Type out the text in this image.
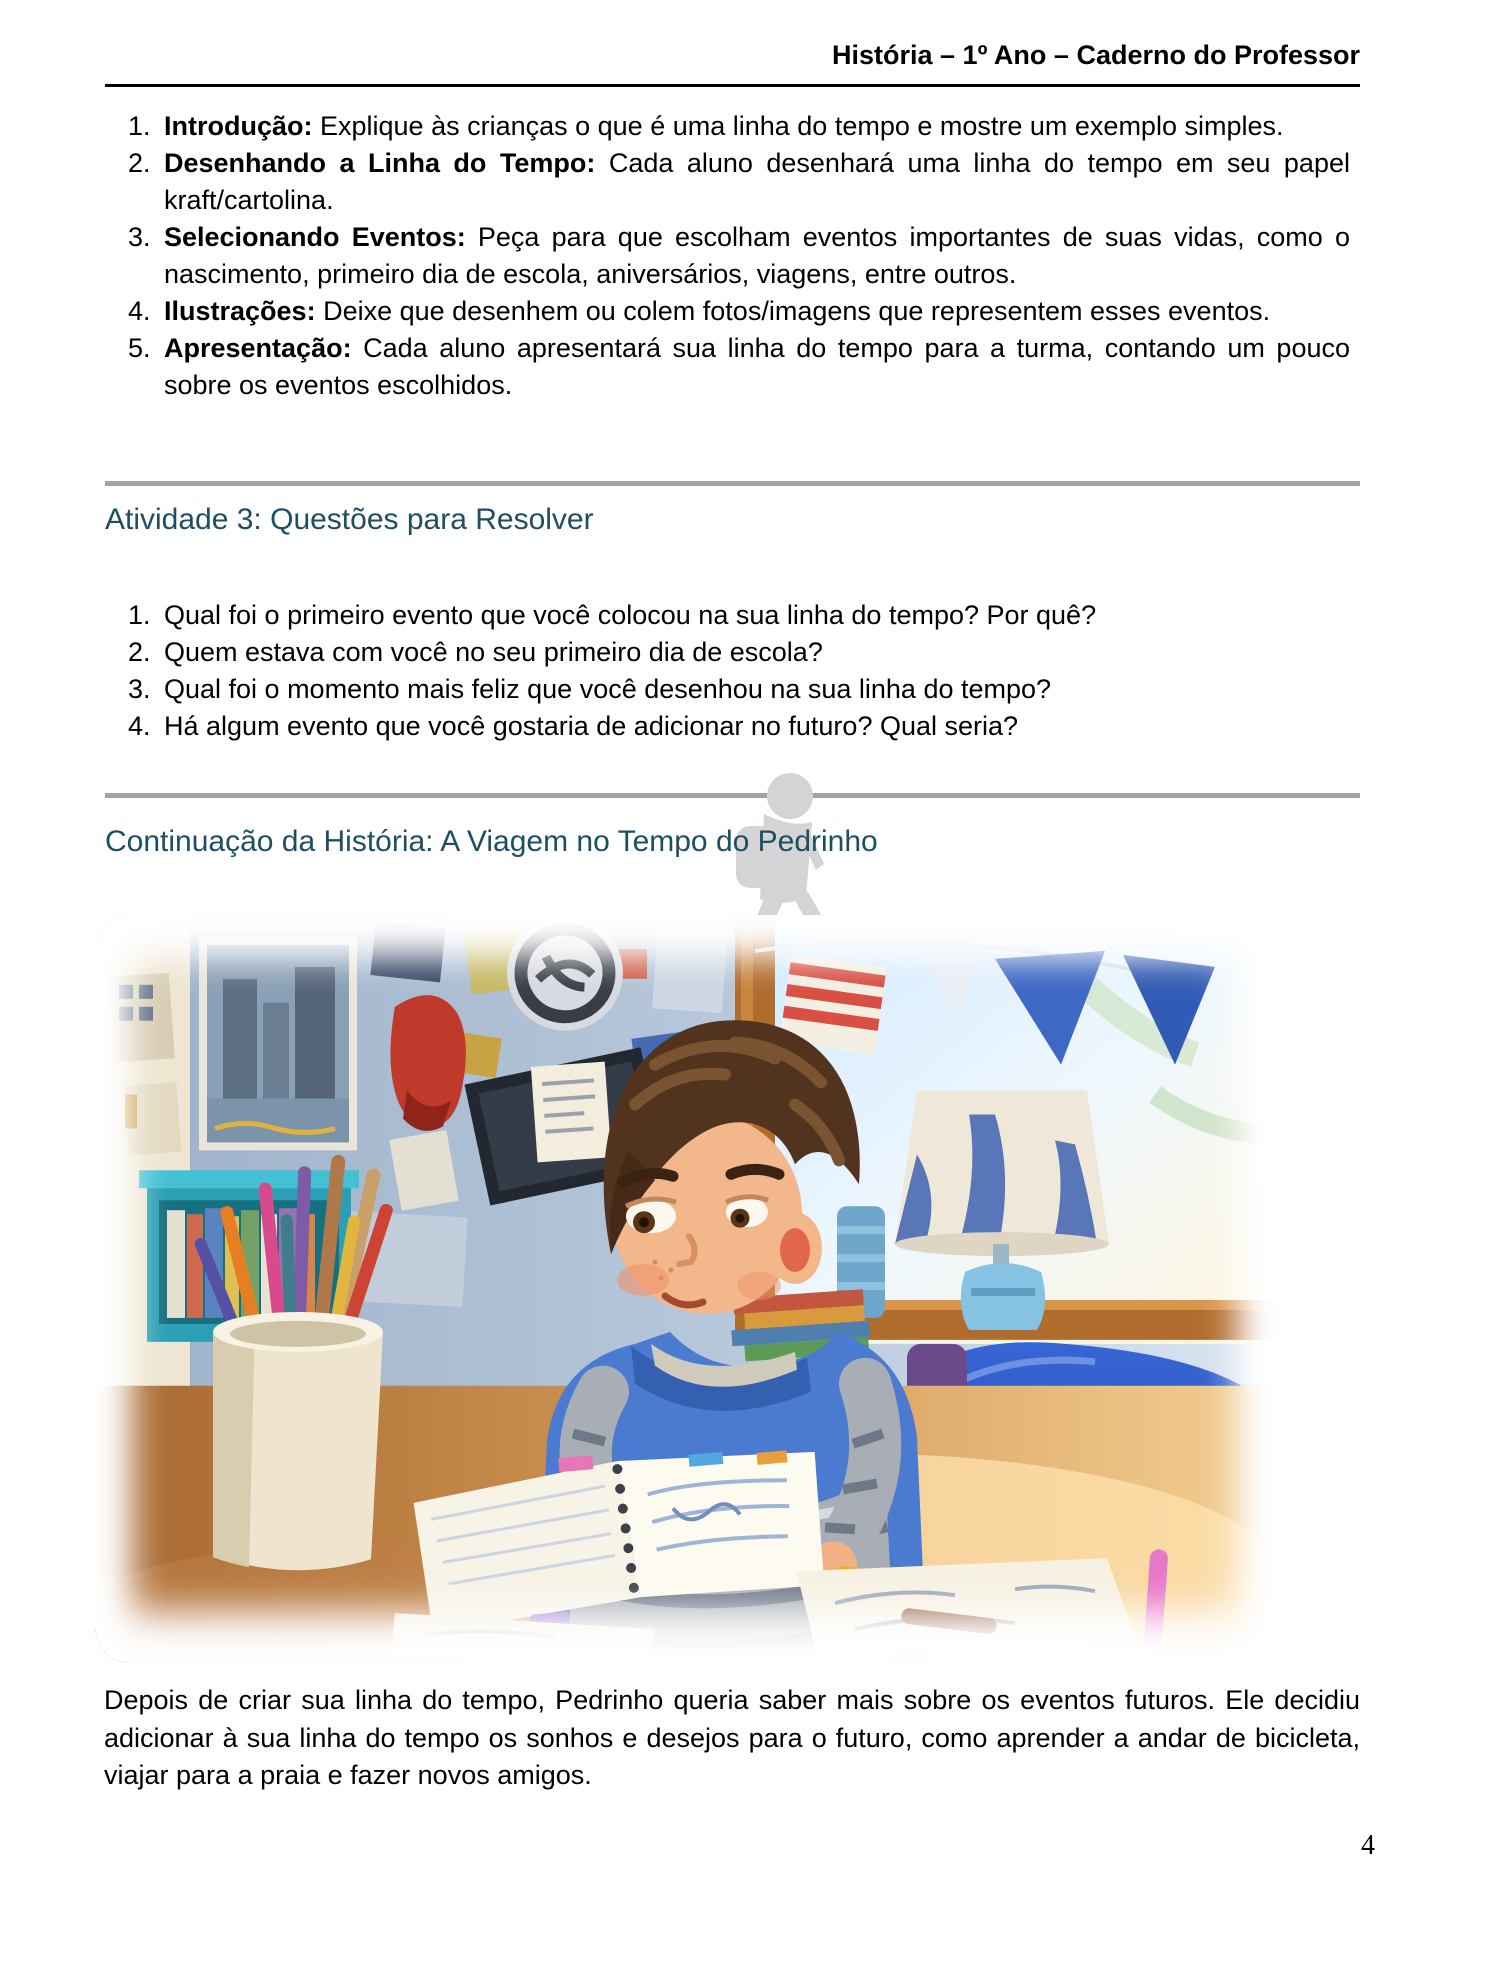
História – 1º Ano – Caderno do Professor
1. Introdução: Explique às crianças o que é uma linha do tempo e mostre um exemplo simples.
2. Desenhando a Linha do Tempo: Cada aluno desenhará uma linha do tempo em seu papel kraft/cartolina.
3. Selecionando Eventos: Peça para que escolham eventos importantes de suas vidas, como o nascimento, primeiro dia de escola, aniversários, viagens, entre outros.
4. Ilustrações: Deixe que desenhem ou colem fotos/imagens que representem esses eventos.
5. Apresentação: Cada aluno apresentará sua linha do tempo para a turma, contando um pouco sobre os eventos escolhidos.
Atividade 3: Questões para Resolver
1. Qual foi o primeiro evento que você colocou na sua linha do tempo? Por quê?
2. Quem estava com você no seu primeiro dia de escola?
3. Qual foi o momento mais feliz que você desenhou na sua linha do tempo?
4. Há algum evento que você gostaria de adicionar no futuro? Qual seria?
Continuação da História: A Viagem no Tempo do Pedrinho
Depois de criar sua linha do tempo, Pedrinho queria saber mais sobre os eventos futuros. Ele decidiu adicionar à sua linha do tempo os sonhos e desejos para o futuro, como aprender a andar de bicicleta, viajar para a praia e fazer novos amigos.
4
